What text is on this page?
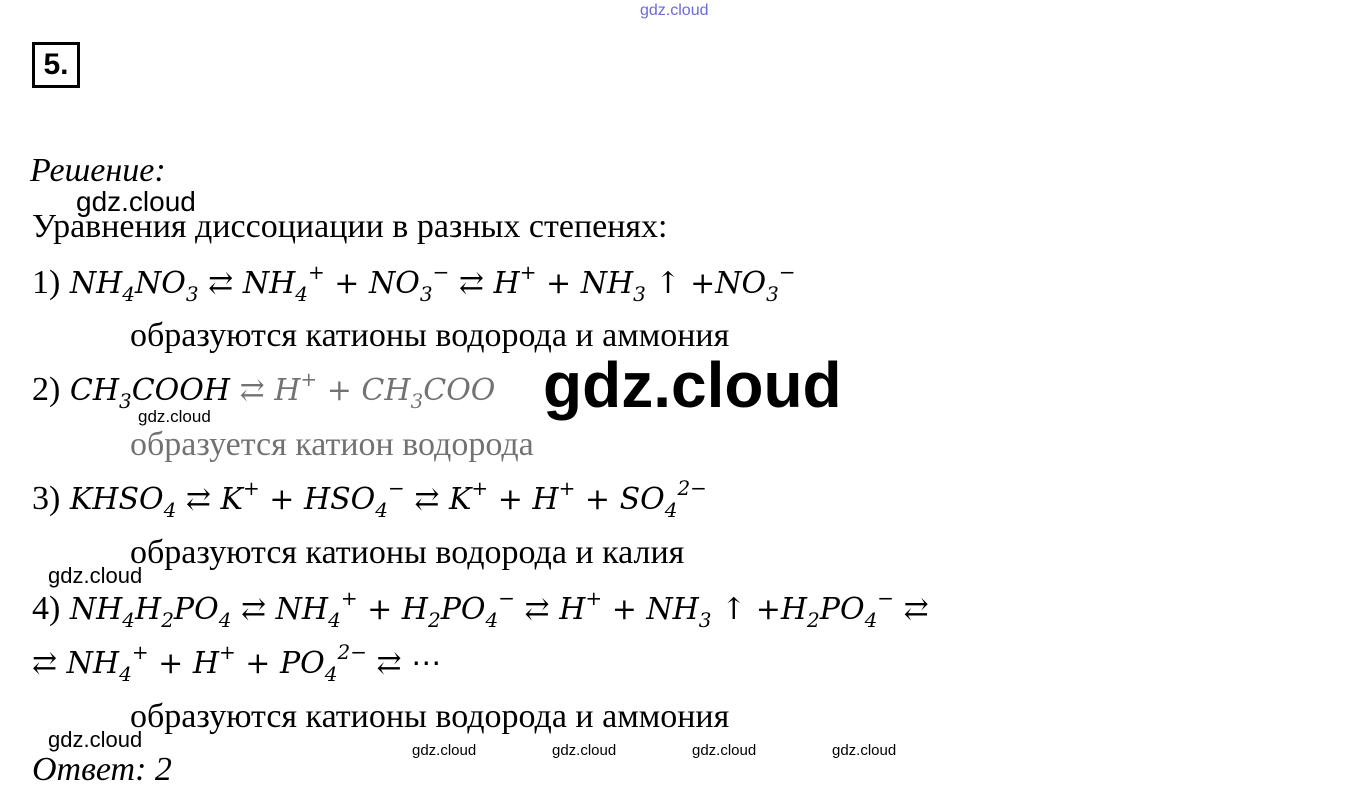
5.
Решение:
Уравнения диссоциации в разных степенях:
1) $NH_4NO_3$ ⇄ $NH_4^+ + NO_3^-$ ⇄ $H^+ + NH_3$ ↑ $+NO_3^-$
образуются катионы водорода и аммония
2) $CH_3COOH$ ⇄ $H^+ + CH_3COO$
образуется катион водорода
3) $KHSO_4$ ⇄ $K^+ + HSO_4^-$ ⇄ $K^+ + H^+ + SO_4^{2-}$
образуются катионы водорода и калия
4) $NH_4H_2PO_4$ ⇄ $NH_4^+ + H_2PO_4^-$ ⇄ $H^+ + NH_3$ ↑ $+H_2PO_4^-$ ⇄
⇄ $NH_4^+ + H^+ + PO_4^{2-}$ ⇄ ⋯
образуются катионы водорода и аммония
Ответ: 2
gdz.cloud
gdz.cloud
gdz.cloud
gdz.cloud
gdz.cloud
gdz.cloud	gdz.cloud	gdz.cloud	gdz.cloud	gdz.cloud
